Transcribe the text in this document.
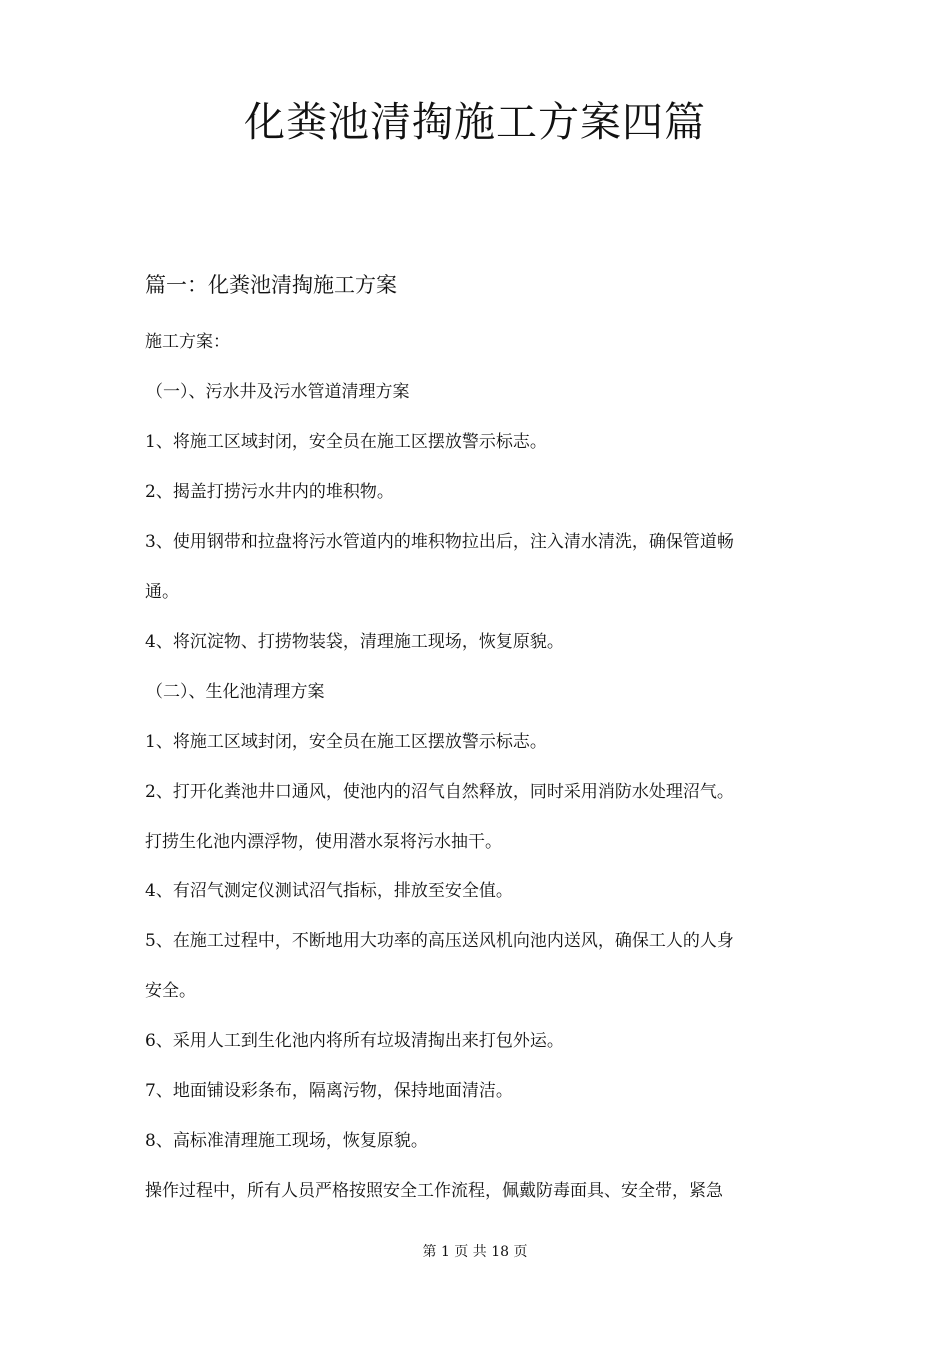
化粪池清掏施工方案四篇
篇一：化粪池清掏施工方案

施工方案：

（一）、污水井及污水管道清理方案

1、将施工区域封闭，安全员在施工区摆放警示标志。

2、揭盖打捞污水井内的堆积物。

3、使用钢带和拉盘将污水管道内的堆积物拉出后，注入清水清洗，确保管道畅

通。

4、将沉淀物、打捞物装袋，清理施工现场，恢复原貌。

（二）、生化池清理方案

1、将施工区域封闭，安全员在施工区摆放警示标志。

2、打开化粪池井口通风，使池内的沼气自然释放，同时采用消防水处理沼气。

打捞生化池内漂浮物，使用潜水泵将污水抽干。

4、有沼气测定仪测试沼气指标，排放至安全值。

5、在施工过程中，不断地用大功率的高压送风机向池内送风，确保工人的人身

安全。

6、采用人工到生化池内将所有垃圾清掏出来打包外运。

7、地面铺设彩条布，隔离污物，保持地面清洁。

8、高标准清理施工现场，恢复原貌。

操作过程中，所有人员严格按照安全工作流程，佩戴防毒面具、安全带，紧急

第 1 页 共 18 页
